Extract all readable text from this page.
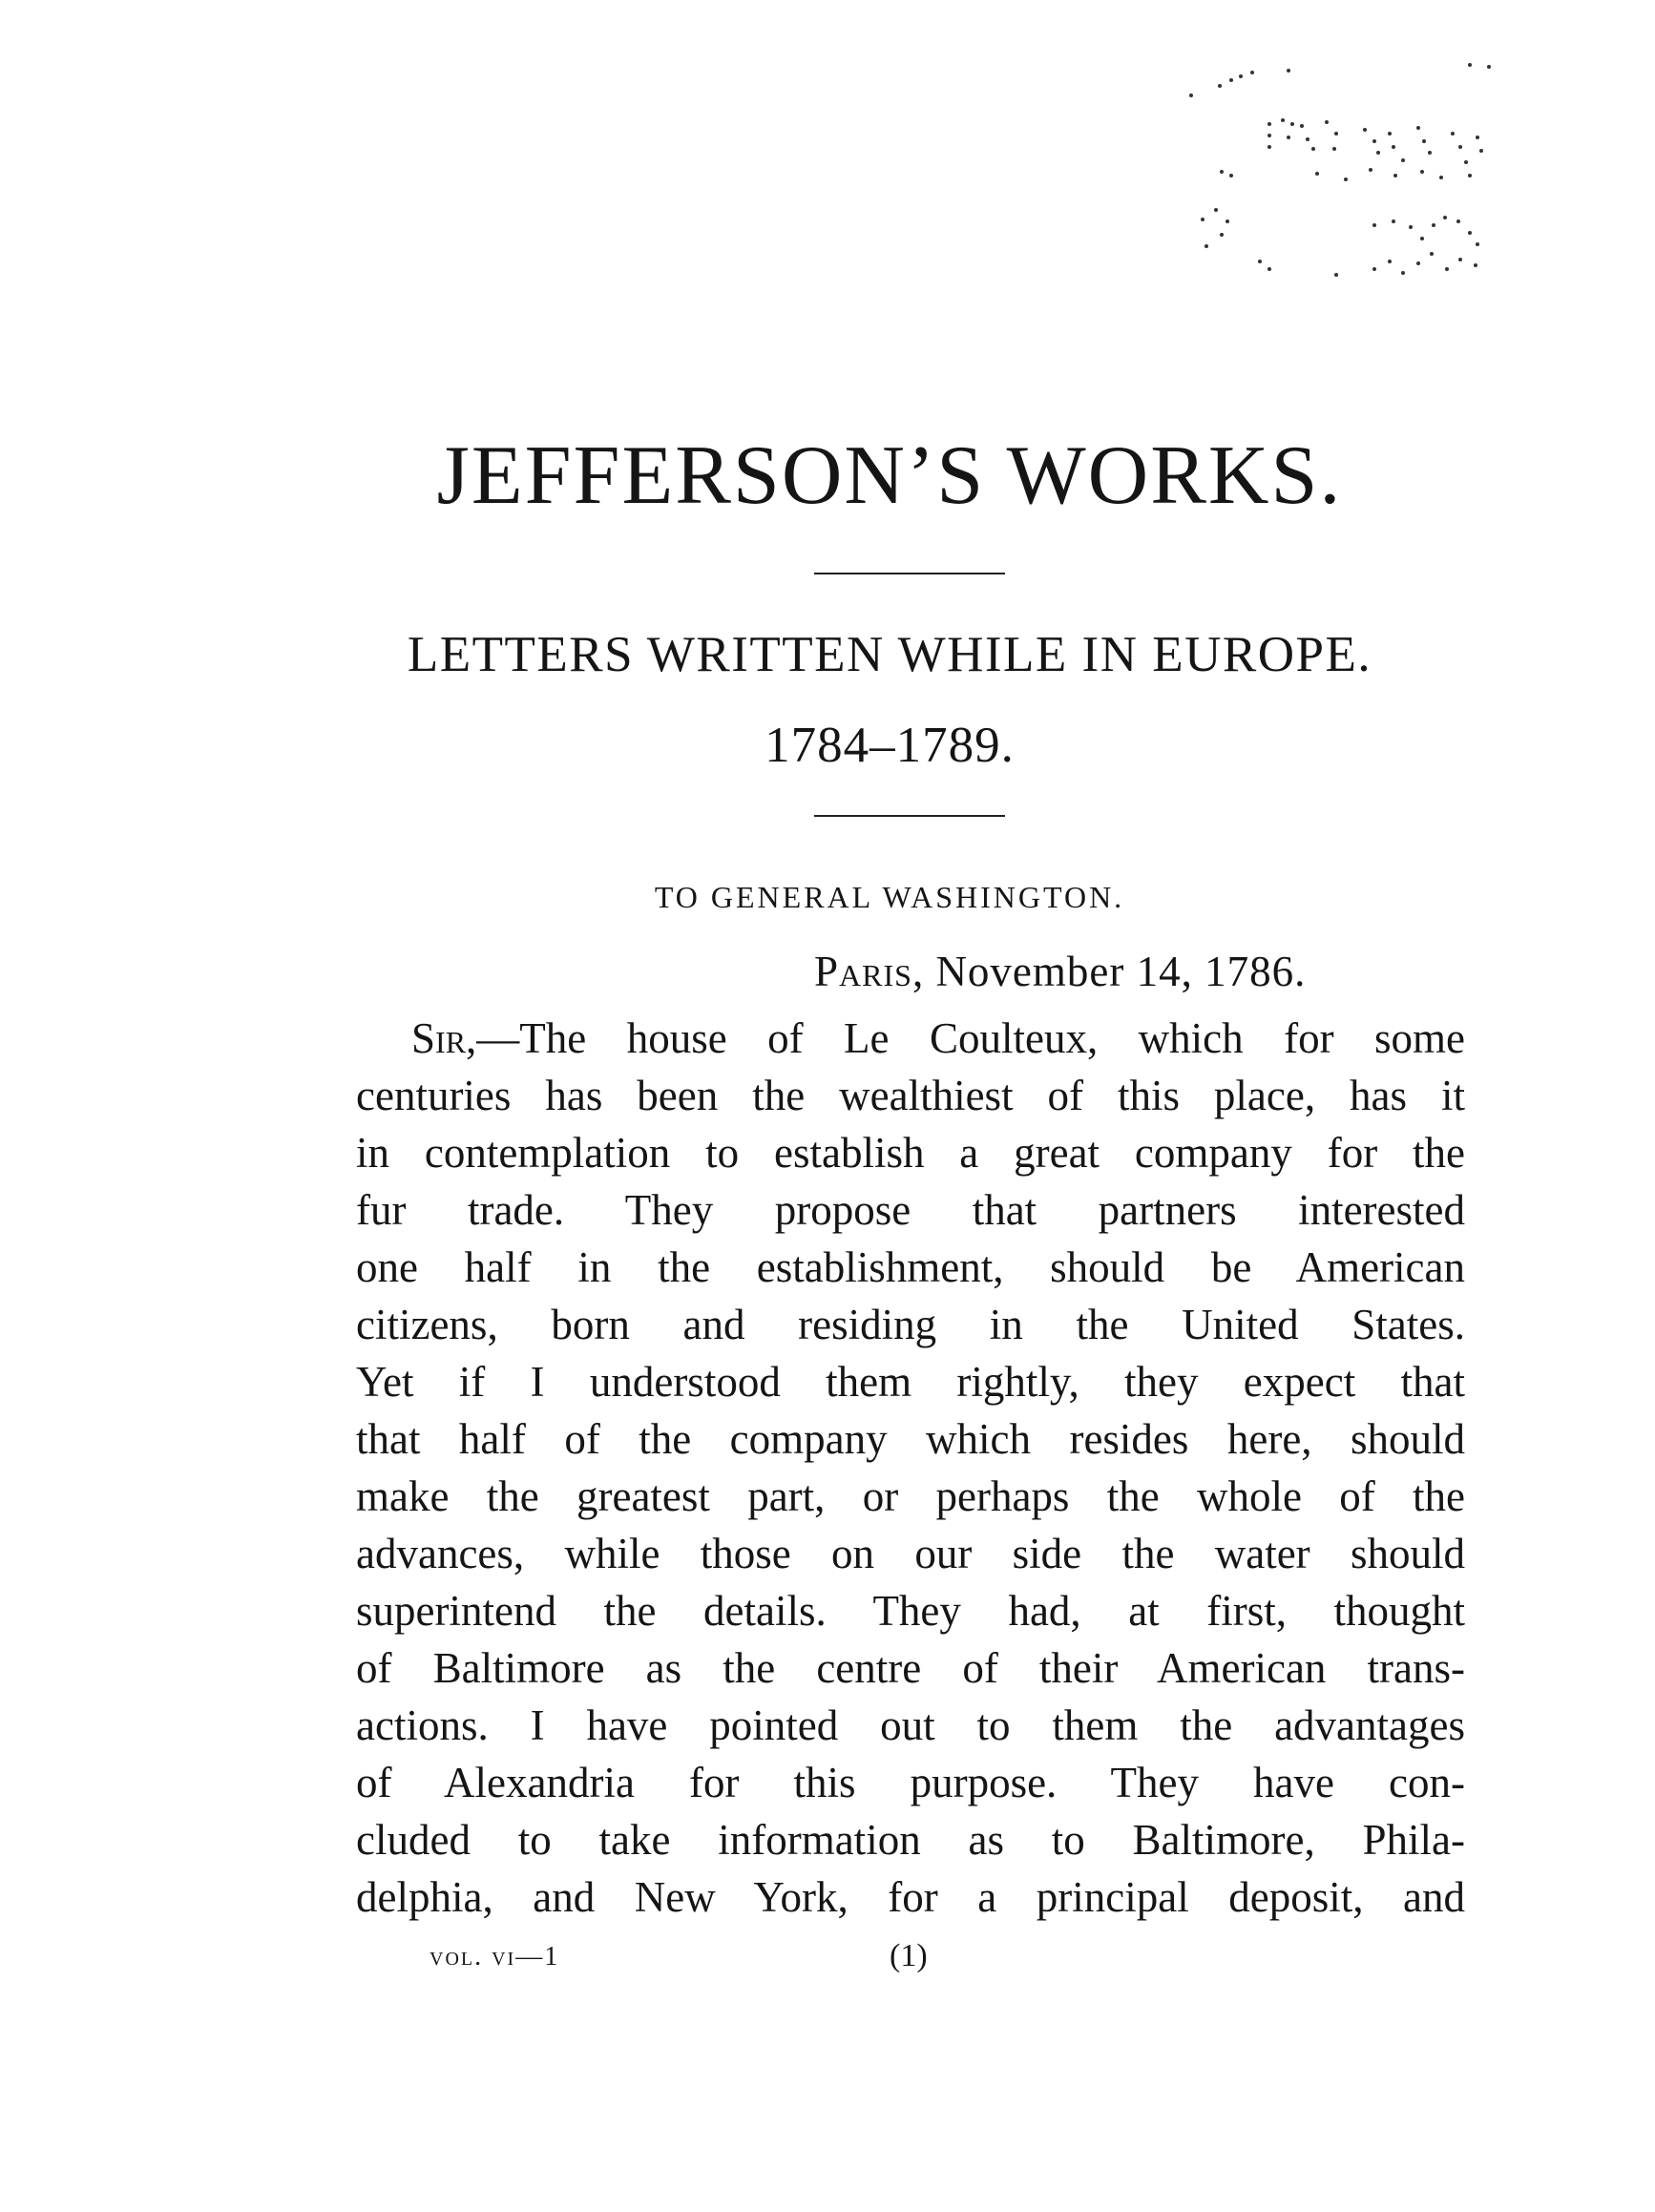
JEFFERSON’S WORKS.
LETTERS WRITTEN WHILE IN EUROPE.
1784–1789.
TO GENERAL WASHINGTON.
Paris, November 14, 1786.
Sir,—The house of Le Coulteux, which for some
centuries has been the wealthiest of this place, has it
in contemplation to establish a great company for the
fur trade. They propose that partners interested
one half in the establishment, should be American
citizens, born and residing in the United States.
Yet if I understood them rightly, they expect that
that half of the company which resides here, should
make the greatest part, or perhaps the whole of the
advances, while those on our side the water should
superintend the details. They had, at first, thought
of Baltimore as the centre of their American trans-
actions. I have pointed out to them the advantages
of Alexandria for this purpose. They have con-
cluded to take information as to Baltimore, Phila-
delphia, and New York, for a principal deposit, and
vol. vi—1	(1)
